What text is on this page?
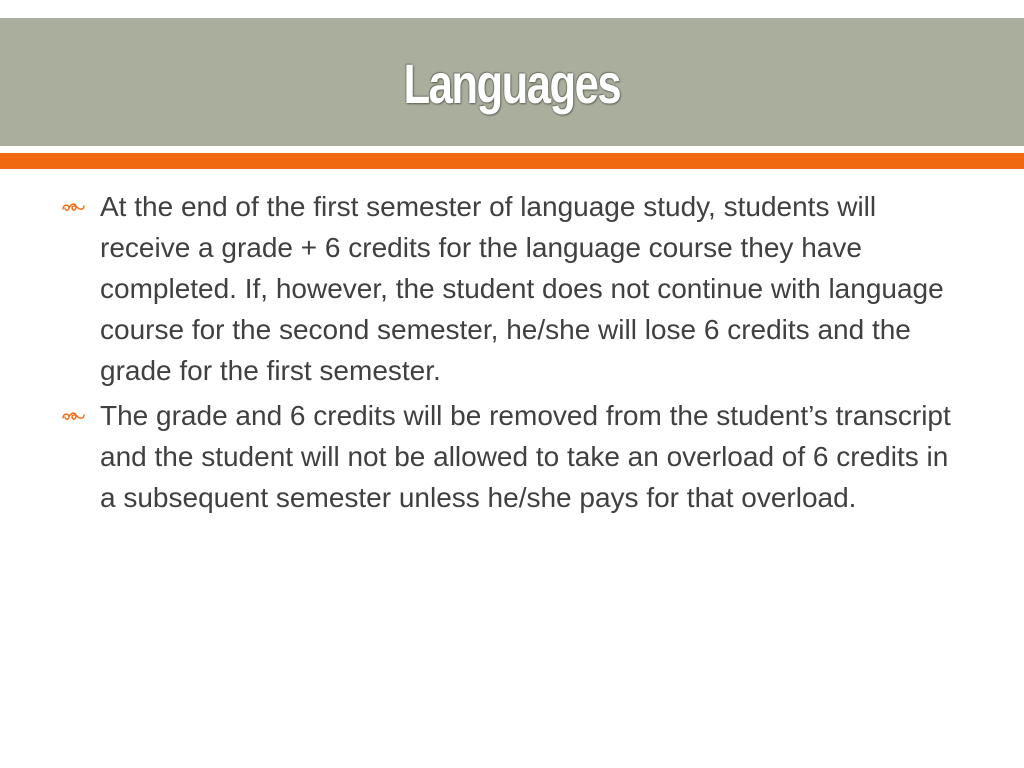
Languages
At the end of the first semester of language study, students will receive a grade + 6 credits for the language course they have completed. If, however, the student does not continue with language course for the second semester, he/she will lose 6 credits and the grade for the first semester.
The grade and 6 credits will be removed from the student’s transcript and the student will not be allowed to take an overload of 6 credits in a subsequent semester unless he/she pays for that overload.
